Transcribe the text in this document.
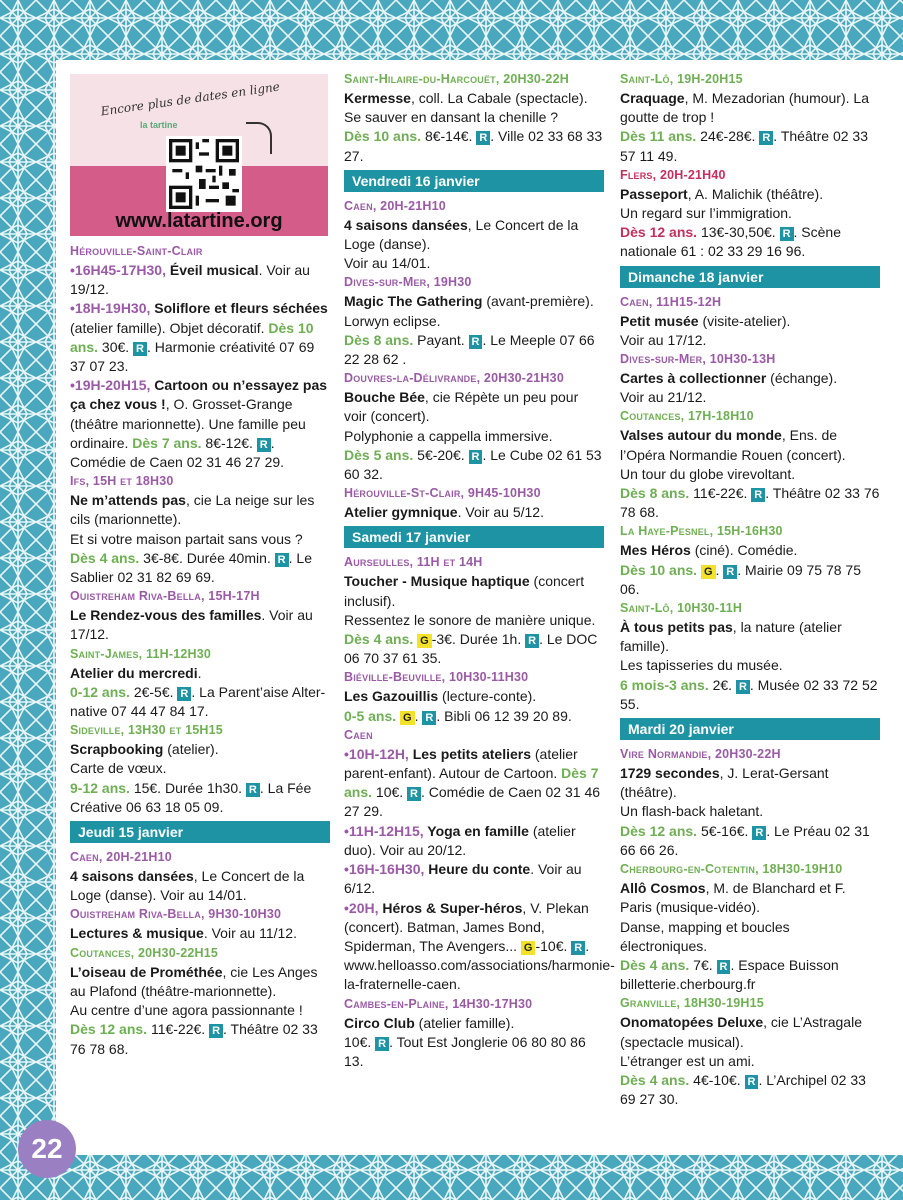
Encore plus de dates en ligne
la tartine
www.latartine.org
Hérouville-Saint-Clair
•16H45-17H30, Éveil musical. Voir au 19/12.
•18H-19H30, Soliflore et fleurs séchées (atelier famille). Objet décoratif. Dès 10 ans. 30€. R . Harmonie créativité 07 69 37 07 23.
•19H-20H15, Cartoon ou n’essayez pas ça chez vous !, O. Grosset-Grange (théâtre marionnette). Une famille peu ordinaire. Dès 7 ans. 8€-12€. R . Comédie de Caen 02 31 46 27 29.
Ifs, 15H et 18H30
Ne m’attends pas, cie La neige sur les cils (marionnette).
Et si votre maison partait sans vous ?
Dès 4 ans. 3€-8€. Durée 40min. R . Le Sablier 02 31 82 69 69.
Ouistreham Riva-Bella, 15H-17H
Le Rendez-vous des familles. Voir au 17/12.
Saint-James, 11H-12H30
Atelier du mercredi.
0-12 ans. 2€-5€. R . La Parent’aise Alter-native 07 44 47 84 17.
Sideville, 13H30 et 15H15
Scrapbooking (atelier).
Carte de vœux.
9-12 ans. 15€. Durée 1h30. R . La Fée Créative 06 63 18 05 09.
Jeudi 15 janvier
Caen, 20H-21H10
4 saisons dansées, Le Concert de la Loge (danse). Voir au 14/01.
Ouistreham Riva-Bella, 9H30-10H30
Lectures & musique. Voir au 11/12.
Coutances, 20H30-22H15
L’oiseau de Prométhée, cie Les Anges au Plafond (théâtre-marionnette).
Au centre d’une agora passionnante !
Dès 12 ans. 11€-22€. R . Théâtre 02 33 76 78 68.
Saint-Hilaire-du-Harcouët, 20H30-22H
Kermesse, coll. La Cabale (spectacle). Se sauver en dansant la chenille ?
Dès 10 ans. 8€-14€. R . Ville 02 33 68 33 27.
Vendredi 16 janvier
Caen, 20H-21H10
4 saisons dansées, Le Concert de la Loge (danse).
Voir au 14/01.
Dives-sur-Mer, 19H30
Magic The Gathering (avant-première). Lorwyn eclipse.
Dès 8 ans. Payant. R . Le Meeple 07 66 22 28 62 .
Douvres-la-Délivrande, 20H30-21H30
Bouche Bée, cie Répète un peu pour voir (concert).
Polyphonie a cappella immersive.
Dès 5 ans. 5€-20€. R . Le Cube 02 61 53 60 32.
Hérouville-St-Clair, 9H45-10H30
Atelier gymnique. Voir au 5/12.
Samedi 17 janvier
Aurseulles, 11H et 14H
Toucher - Musique haptique (concert inclusif).
Ressentez le sonore de manière unique.
Dès 4 ans. G -3€. Durée 1h. R . Le DOC 06 70 37 61 35.
Biéville-Beuville, 10H30-11H30
Les Gazouillis (lecture-conte).
0-5 ans. G . R . Bibli 06 12 39 20 89.
Caen
•10H-12H, Les petits ateliers (atelier parent-enfant). Autour de Cartoon. Dès 7 ans. 10€. R . Comédie de Caen 02 31 46 27 29.
•11H-12H15, Yoga en famille (atelier duo). Voir au 20/12.
•16H-16H30, Heure du conte. Voir au 6/12.
•20H, Héros & Super-héros, V. Plekan (concert). Batman, James Bond, Spiderman, The Avengers... G -10€. R . www.helloasso.com/associations/harmonie-la-fraternelle-caen.
Cambes-en-Plaine, 14H30-17H30
Circo Club (atelier famille).
10€. R . Tout Est Jonglerie 06 80 80 86 13.
Saint-Lô, 19H-20H15
Craquage, M. Mezadorian (humour). La goutte de trop !
Dès 11 ans. 24€-28€. R . Théâtre 02 33 57 11 49.
Flers, 20H-21H40
Passeport, A. Malichik (théâtre).
Un regard sur l’immigration.
Dès 12 ans. 13€-30,50€. R . Scène nationale 61 : 02 33 29 16 96.
Dimanche 18 janvier
Caen, 11H15-12H
Petit musée (visite-atelier).
Voir au 17/12.
Dives-sur-Mer, 10H30-13H
Cartes à collectionner (échange).
Voir au 21/12.
Coutances, 17H-18H10
Valses autour du monde, Ens. de l’Opéra Normandie Rouen (concert).
Un tour du globe virevoltant.
Dès 8 ans. 11€-22€. R . Théâtre 02 33 76 78 68.
La Haye-Pesnel, 15H-16H30
Mes Héros (ciné). Comédie.
Dès 10 ans. G . R . Mairie 09 75 78 75 06.
Saint-Lô, 10H30-11H
À tous petits pas, la nature (atelier famille).
Les tapisseries du musée.
6 mois-3 ans. 2€. R . Musée 02 33 72 52 55.
Mardi 20 janvier
Vire Normandie, 20H30-22H
1729 secondes, J. Lerat-Gersant (théâtre).
Un flash-back haletant.
Dès 12 ans. 5€-16€. R . Le Préau 02 31 66 66 26.
Cherbourg-en-Cotentin, 18H30-19H10
Allô Cosmos, M. de Blanchard et F. Paris (musique-vidéo).
Danse, mapping et boucles électroniques.
Dès 4 ans. 7€. R . Espace Buisson billetterie.cherbourg.fr
Granville, 18H30-19H15
Onomatopées Deluxe, cie L’Astragale (spectacle musical).
L’étranger est un ami.
Dès 4 ans. 4€-10€. R . L’Archipel 02 33 69 27 30.
22
